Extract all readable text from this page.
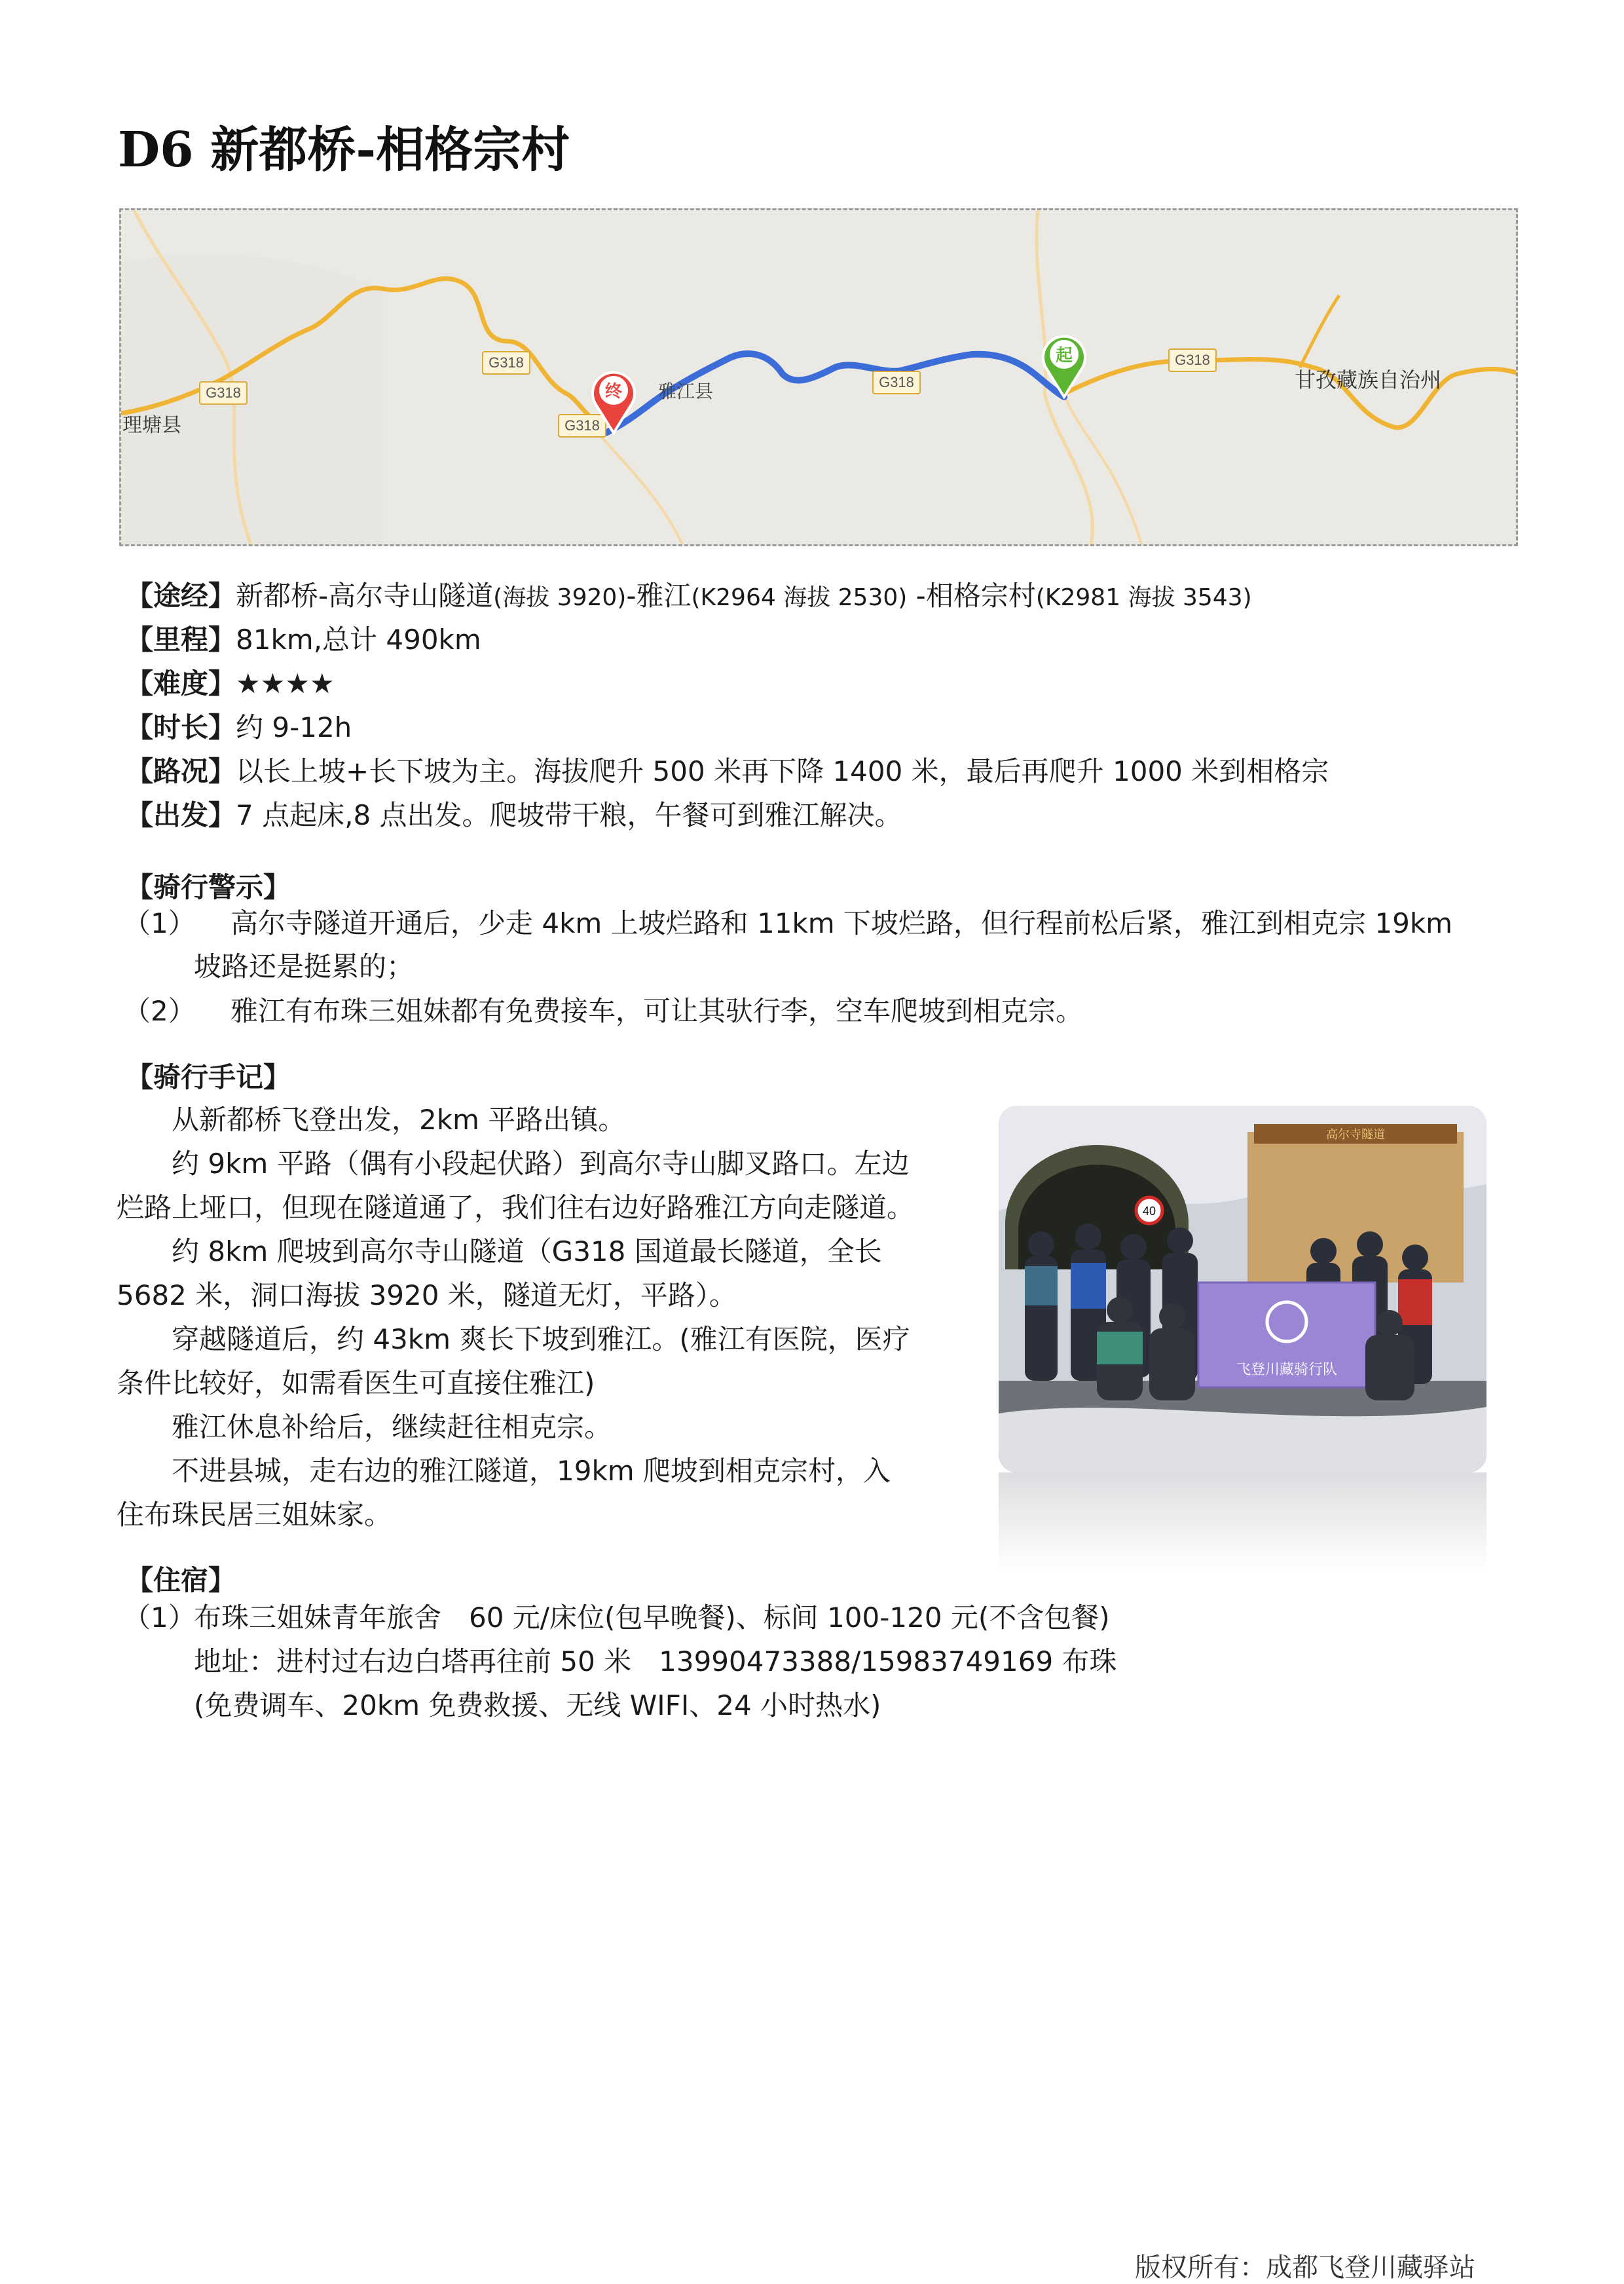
D6 新都桥-相格宗村
G318
G318
G318
G318
G318
理塘县
雅江县	甘孜藏族自治州
终
起
【途经】新都桥-高尔寺山隧道(海拔 3920)-雅江(K2964 海拔 2530) -相格宗村(K2981 海拔 3543)
【里程】81km,总计 490km
【难度】★★★★
【时长】约 9-12h
【路况】以长上坡+长下坡为主。海拔爬升 500 米再下降 1400 米，最后再爬升 1000 米到相格宗
【出发】7 点起床,8 点出发。爬坡带干粮，午餐可到雅江解决。
【骑行警示】
（1） 高尔寺隧道开通后，少走 4km 上坡烂路和 11km 下坡烂路，但行程前松后紧，雅江到相克宗 19km
坡路还是挺累的；
（2） 雅江有布珠三姐妹都有免费接车，可让其驮行李，空车爬坡到相克宗。
【骑行手记】
　　从新都桥飞登出发，2km 平路出镇。
　　约 9km 平路（偶有小段起伏路）到高尔寺山脚叉路口。左边
烂路上垭口，但现在隧道通了，我们往右边好路雅江方向走隧道。
　　约 8km 爬坡到高尔寺山隧道（G318 国道最长隧道，全长
5682 米，洞口海拔 3920 米，隧道无灯，平路）。
　　穿越隧道后，约 43km 爽长下坡到雅江。(雅江有医院，医疗
条件比较好，如需看医生可直接住雅江)
　　雅江休息补给后，继续赶往相克宗。
　　不进县城，走右边的雅江隧道，19km 爬坡到相克宗村，入
住布珠民居三姐妹家。
高尔寺隧道
40
飞登川藏骑行队
【住宿】
（1）
布珠三姐妹青年旅舍　60 元/床位(包早晚餐)、标间 100-120 元(不含包餐)
地址：进村过右边白塔再往前 50 米　13990473388/15983749169 布珠
(免费调车、20km 免费救援、无线 WIFI、24 小时热水)
版权所有：成都飞登川藏驿站
